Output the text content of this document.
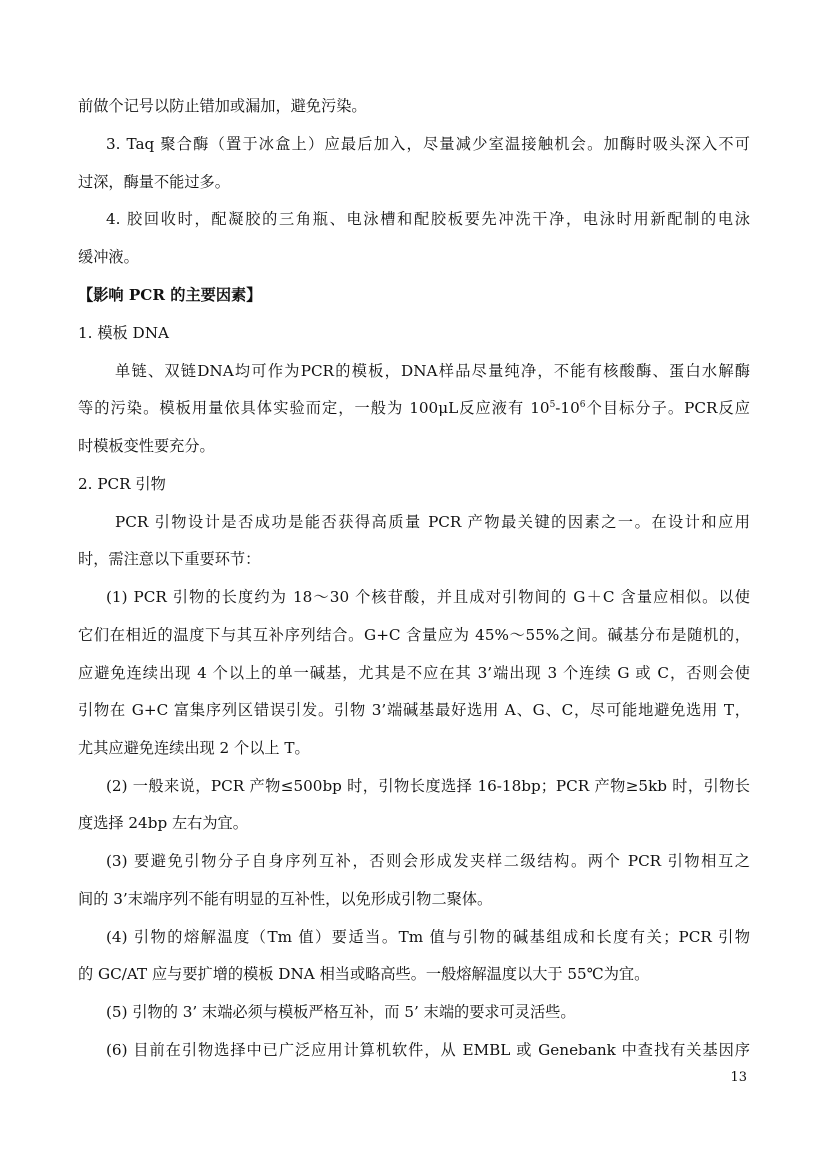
前做个记号以防止错加或漏加，避免污染。
3. Taq 聚合酶（置于冰盒上）应最后加入，尽量减少室温接触机会。加酶时吸头深入不可
过深，酶量不能过多。
4. 胶回收时，配凝胶的三角瓶、电泳槽和配胶板要先冲洗干净，电泳时用新配制的电泳
缓冲液。
【影响 PCR 的主要因素】
1. 模板 DNA
单链、双链DNA均可作为PCR的模板，DNA样品尽量纯净，不能有核酸酶、蛋白水解酶
等的污染。模板用量依具体实验而定，一般为 100μL反应液有 $10^5-10^6$个目标分子。PCR反应
时模板变性要充分。
2. PCR 引物
PCR 引物设计是否成功是能否获得高质量 PCR 产物最关键的因素之一。在设计和应用
时，需注意以下重要环节：
(1) PCR 引物的长度约为 18～30 个核苷酸，并且成对引物间的 G＋C 含量应相似。以使
它们在相近的温度下与其互补序列结合。G+C 含量应为 45%～55%之间。碱基分布是随机的，
应避免连续出现 4 个以上的单一碱基，尤其是不应在其 3’端出现 3 个连续 G 或 C，否则会使
引物在 G+C 富集序列区错误引发。引物 3’端碱基最好选用 A、G、C，尽可能地避免选用 T，
尤其应避免连续出现 2 个以上 T。
(2) 一般来说，PCR 产物≤500bp 时，引物长度选择 16-18bp；PCR 产物≥5kb 时，引物长
度选择 24bp 左右为宜。
(3) 要避免引物分子自身序列互补，否则会形成发夹样二级结构。两个 PCR 引物相互之
间的 3’末端序列不能有明显的互补性，以免形成引物二聚体。
(4) 引物的熔解温度（Tm 值）要适当。Tm 值与引物的碱基组成和长度有关；PCR 引物
的 GC/AT 应与要扩增的模板 DNA 相当或略高些。一般熔解温度以大于 55℃为宜。
(5) 引物的 3’ 末端必须与模板严格互补，而 5’ 末端的要求可灵活些。
(6) 目前在引物选择中已广泛应用计算机软件，从 EMBL 或 Genebank 中查找有关基因序
13
